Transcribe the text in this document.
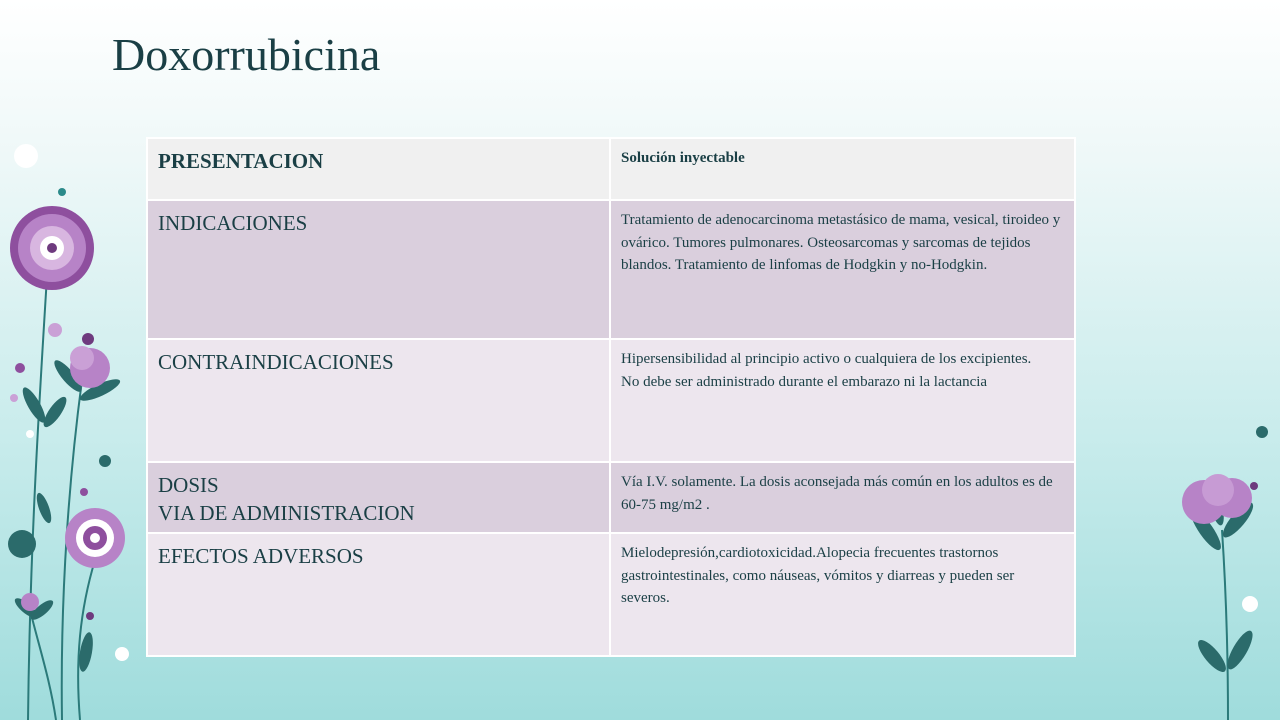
Doxorrubicina
PRESENTACION	Solución inyectable
INDICACIONES	Tratamiento de adenocarcinoma metastásico de mama, vesical, tiroideo y ovárico. Tumores pulmonares. Osteosarcomas y sarcomas de tejidos blandos. Tratamiento de linfomas de Hodgkin y no-Hodgkin.
CONTRAINDICACIONES	Hipersensibilidad al principio activo o cualquiera de los excipientes.
No debe ser administrado durante el embarazo ni la lactancia
DOSIS
VIA DE ADMINISTRACION	Vía I.V. solamente. La dosis aconsejada más común en los adultos es de 60-75 mg/m2 .
EFECTOS ADVERSOS	Mielodepresión,cardiotoxicidad.Alopecia frecuentes trastornos gastrointestinales, como náuseas, vómitos y diarreas y pueden ser severos.
